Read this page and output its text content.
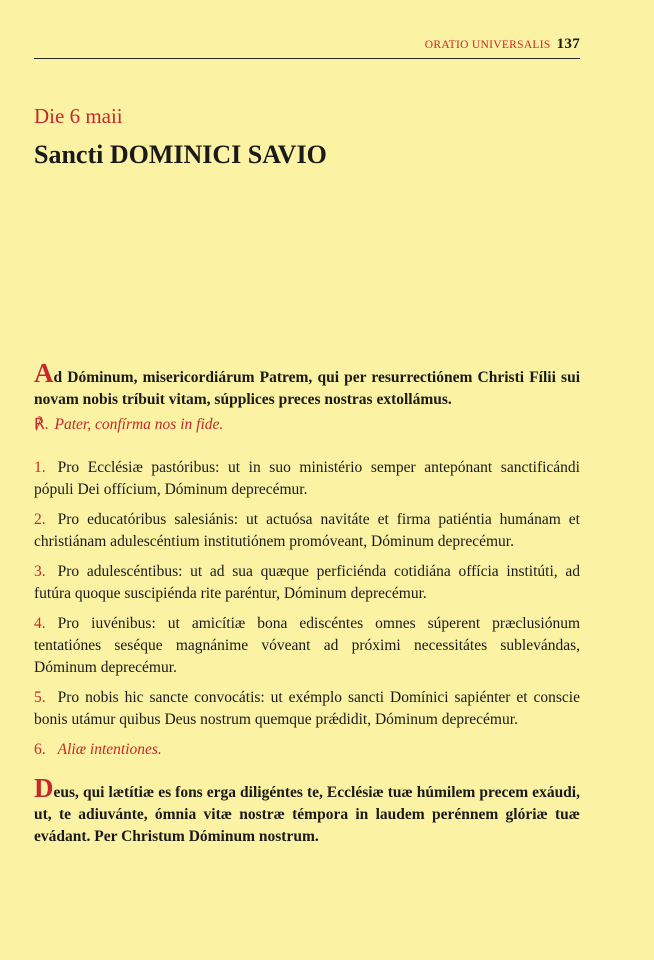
ORATIO UNIVERSALIS 137
Die 6 maii
Sancti DOMINICI SAVIO
Ad Dóminum, misericordiárum Patrem, qui per resurrectiónem Christi Fílii sui novam nobis tríbuit vitam, súpplices preces nostras extollámus.
℟. Pater, confírma nos in fide.
1. Pro Ecclésiæ pastóribus: ut in suo ministério semper antepónant sanctificándi pópuli Dei offícium, Dóminum deprecémur.
2. Pro educatóribus salesiánis: ut actuósa navitáte et firma patiéntia humánam et christiánam adulescéntium institutiónem promóveant, Dóminum deprecémur.
3. Pro adulescéntibus: ut ad sua quæque perficiénda cotidiána offícia institúti, ad futúra quoque suscipiénda rite paréntur, Dóminum deprecémur.
4. Pro iuvénibus: ut amicítiæ bona ediscéntes omnes súperent præclusiónum tentatiónes seséque magnánime vóveant ad próximi necessitátes sublevándas, Dóminum deprecémur.
5. Pro nobis hic sancte convocátis: ut exémplo sancti Domínici sapiénter et conscie bonis utámur quibus Deus nostrum quemque prǽdidit, Dóminum deprecémur.
6. Aliæ intentiones.
Deus, qui lætítiæ es fons erga diligéntes te, Ecclésiæ tuæ húmilem precem exáudi, ut, te adiuvánte, ómnia vitæ nostræ témpora in laudem perénnem glóriæ tuæ evádant. Per Christum Dóminum nostrum.
